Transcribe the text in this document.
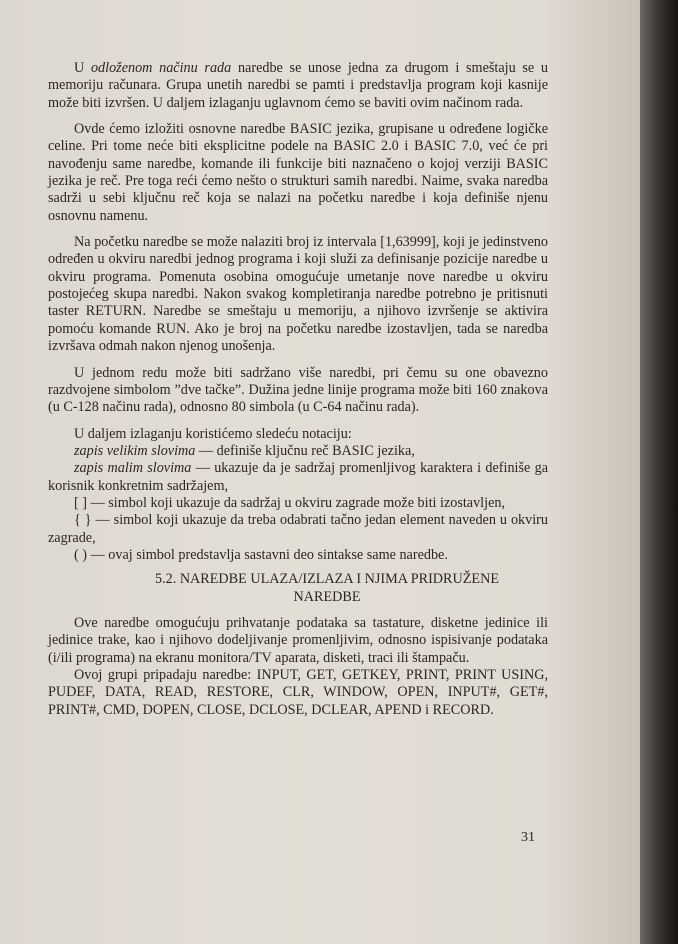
U odloženom načinu rada naredbe se unose jedna za drugom i smeštaju se u memoriju računara. Grupa unetih naredbi se pamti i predstavlja program koji kasnije može biti izvršen. U daljem izlaganju uglavnom ćemo se baviti ovim načinom rada.

Ovde ćemo izložiti osnovne naredbe BASIC jezika, grupisane u određene logičke celine. Pri tome neće biti eksplicitne podele na BASIC 2.0 i BASIC 7.0, već će pri navođenju same naredbe, komande ili funkcije biti naznačeno o kojoj verziji BASIC jezika je reč. Pre toga reći ćemo nešto o strukturi samih naredbi. Naime, svaka naredba sadrži u sebi ključnu reč koja se nalazi na početku naredbe i koja definiše njenu osnovnu namenu.

Na početku naredbe se može nalaziti broj iz intervala [1,63999], koji je jedinstveno određen u okviru naredbi jednog programa i koji služi za definisanje pozicije naredbe u okviru programa. Pomenuta osobina omogućuje umetanje nove naredbe u okviru postojećeg skupa naredbi. Nakon svakog kompletiranja naredbe potrebno je pritisnuti taster RETURN. Naredbe se smeštaju u memoriju, a njihovo izvršenje se aktivira pomoću komande RUN. Ako je broj na početku naredbe izostavljen, tada se naredba izvršava odmah nakon njenog unošenja.

U jednom redu može biti sadržano više naredbi, pri čemu su one obavezno razdvojene simbolom ”dve tačke”. Dužina jedne linije programa može biti 160 znakova (u C-128 načinu rada), odnosno 80 simbola (u C-64 načinu rada).

U daljem izlaganju koristićemo sledeću notaciju:

zapis velikim slovima — definiše ključnu reč BASIC jezika,

zapis malim slovima — ukazuje da je sadržaj promenljivog karaktera i definiše ga korisnik konkretnim sadržajem,

[ ] — simbol koji ukazuje da sadržaj u okviru zagrade može biti izostavljen,

{ } — simbol koji ukazuje da treba odabrati tačno jedan element naveden u okviru zagrade,

( ) — ovaj simbol predstavlja sastavni deo sintakse same naredbe.

5.2. NAREDBE ULAZA/IZLAZA I NJIMA PRIDRUŽENE
NAREDBE

Ove naredbe omogućuju prihvatanje podataka sa tastature, disketne jedinice ili jedinice trake, kao i njihovo dodeljivanje promenljivim, odnosno ispisivanje podataka (i/ili programa) na ekranu monitora/TV aparata, disketi, traci ili štampaču.

Ovoj grupi pripadaju naredbe: INPUT, GET, GETKEY, PRINT, PRINT USING, PUDEF, DATA, READ, RESTORE, CLR, WINDOW, OPEN, INPUT#, GET#, PRINT#, CMD, DOPEN, CLOSE, DCLOSE, DCLEAR, APEND i RECORD.

31
